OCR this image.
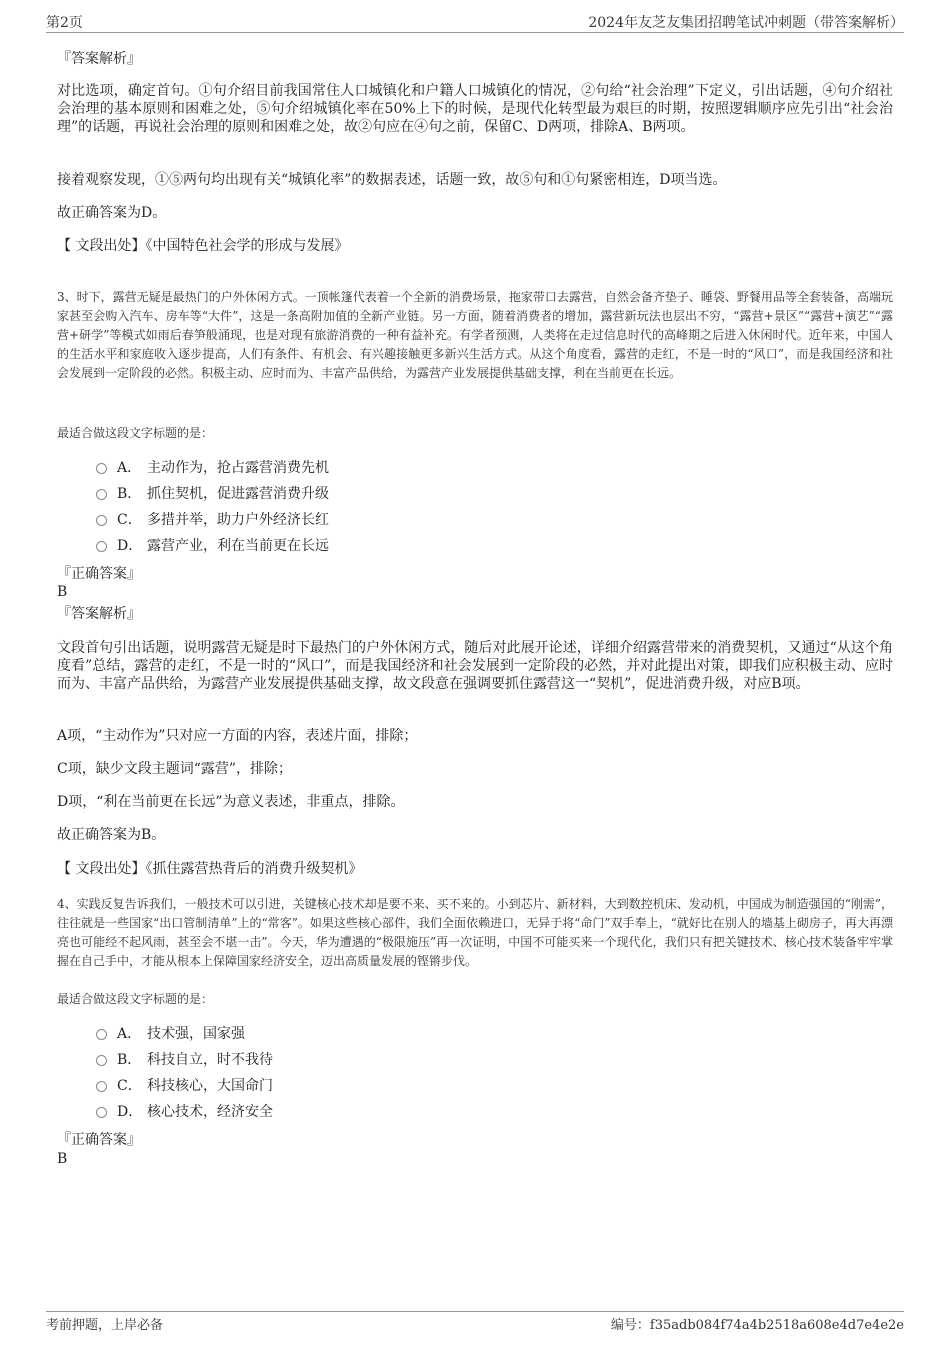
第2页	2024年友芝友集团招聘笔试冲刺题（带答案解析）
『答案解析』
对比选项，确定首句。①句介绍目前我国常住人口城镇化和户籍人口城镇化的情况，②句给“社会治理”下定义，引出话题，④句介绍社会治理的基本原则和困难之处，⑤句介绍城镇化率在50%上下的时候，是现代化转型最为艰巨的时期，按照逻辑顺序应先引出“社会治理”的话题，再说社会治理的原则和困难之处，故②句应在④句之前，保留C、D两项，排除A、B两项。
接着观察发现，①⑤两句均出现有关“城镇化率”的数据表述，话题一致，故⑤句和①句紧密相连，D项当选。
故正确答案为D。
【 文段出处】《中国特色社会学的形成与发展》
3、时下，露营无疑是最热门的户外休闲方式。一顶帐篷代表着一个全新的消费场景，拖家带口去露营，自然会备齐垫子、睡袋、野餐用品等全套装备，高端玩家甚至会购入汽车、房车等“大件”，这是一条高附加值的全新产业链。另一方面，随着消费者的增加，露营新玩法也层出不穷，“露营+景区”“露营+演艺”“露营+研学”等模式如雨后春笋般涌现，也是对现有旅游消费的一种有益补充。有学者预测，人类将在走过信息时代的高峰期之后进入休闲时代。近年来，中国人的生活水平和家庭收入逐步提高，人们有条件、有机会、有兴趣接触更多新兴生活方式。从这个角度看，露营的走红，不是一时的“风口”，而是我国经济和社会发展到一定阶段的必然。积极主动、应时而为、丰富产品供给，为露营产业发展提供基础支撑，利在当前更在长远。
最适合做这段文字标题的是：
A． 主动作为，抢占露营消费先机
B． 抓住契机，促进露营消费升级
C． 多措并举，助力户外经济长红
D． 露营产业，利在当前更在长远
『正确答案』
B
『答案解析』
文段首句引出话题，说明露营无疑是时下最热门的户外休闲方式，随后对此展开论述，详细介绍露营带来的消费契机，又通过“从这个角度看”总结，露营的走红，不是一时的“风口”，而是我国经济和社会发展到一定阶段的必然，并对此提出对策，即我们应积极主动、应时而为、丰富产品供给，为露营产业发展提供基础支撑，故文段意在强调要抓住露营这一“契机”，促进消费升级，对应B项。
A项，“主动作为”只对应一方面的内容，表述片面，排除；
C项，缺少文段主题词“露营”，排除；
D项，“利在当前更在长远”为意义表述，非重点，排除。
故正确答案为B。
【 文段出处】《抓住露营热背后的消费升级契机》
4、实践反复告诉我们，一般技术可以引进，关键核心技术却是要不来、买不来的。小到芯片、新材料，大到数控机床、发动机，中国成为制造强国的“刚需”，往往就是一些国家“出口管制清单”上的“常客”。如果这些核心部件，我们全面依赖进口，无异于将“命门”双手奉上，“就好比在别人的墙基上砌房子，再大再漂亮也可能经不起风雨，甚至会不堪一击”。今天，华为遭遇的“极限施压”再一次证明，中国不可能买来一个现代化，我们只有把关键技术、核心技术装备牢牢掌握在自己手中，才能从根本上保障国家经济安全，迈出高质量发展的铿锵步伐。
最适合做这段文字标题的是：
A． 技术强，国家强
B． 科技自立，时不我待
C． 科技核心，大国命门
D． 核心技术，经济安全
『正确答案』
B
考前押题，上岸必备	编号：f35adb084f74a4b2518a608e4d7e4e2e
